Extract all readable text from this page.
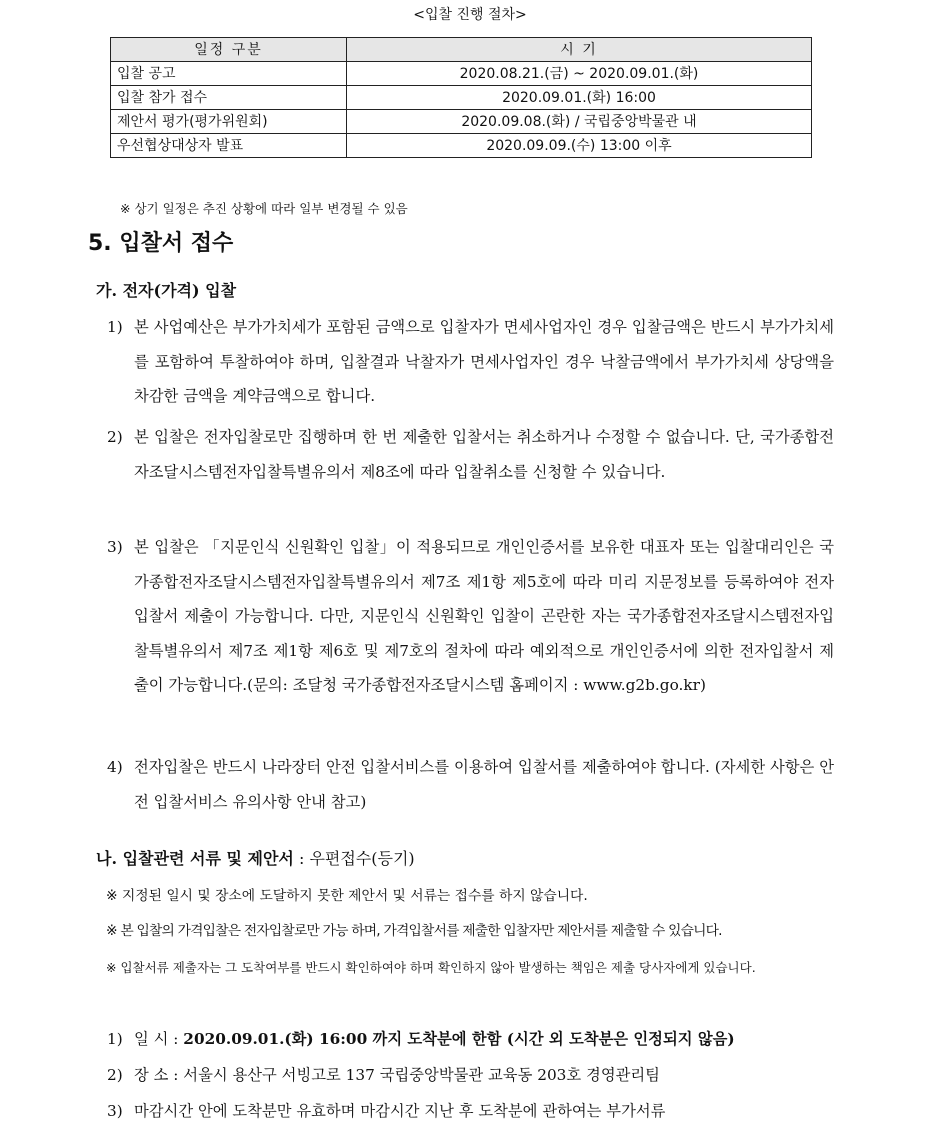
<입찰 진행 절차>
일정 구분	시 기
입찰 공고	2020.08.21.(금) ~ 2020.09.01.(화)
입찰 참가 접수	2020.09.01.(화) 16:00
제안서 평가(평가위원회)	2020.09.08.(화) / 국립중앙박물관 내
우선협상대상자 발표	2020.09.09.(수) 13:00 이후
※ 상기 일정은 추진 상황에 따라 일부 변경될 수 있음
5. 입찰서 접수
가. 전자(가격) 입찰
1) 본 사업예산은 부가가치세가 포함된 금액으로 입찰자가 면세사업자인 경우 입찰금액은 반드시 부가가치세를 포함하여 투찰하여야 하며, 입찰결과 낙찰자가 면세사업자인 경우 낙찰금액에서 부가가치세 상당액을 차감한 금액을 계약금액으로 합니다.
2) 본 입찰은 전자입찰로만 집행하며 한 번 제출한 입찰서는 취소하거나 수정할 수 없습니다. 단, 국가종합전자조달시스템전자입찰특별유의서 제8조에 따라 입찰취소를 신청할 수 있습니다.
3) 본 입찰은 「지문인식 신원확인 입찰」이 적용되므로 개인인증서를 보유한 대표자 또는 입찰대리인은 국가종합전자조달시스템전자입찰특별유의서 제7조 제1항 제5호에 따라 미리 지문정보를 등록하여야 전자입찰서 제출이 가능합니다. 다만, 지문인식 신원확인 입찰이 곤란한 자는 국가종합전자조달시스템전자입찰특별유의서 제7조 제1항 제6호 및 제7호의 절차에 따라 예외적으로 개인인증서에 의한 전자입찰서 제출이 가능합니다.(문의: 조달청 국가종합전자조달시스템 홈페이지 : www.g2b.go.kr)
4) 전자입찰은 반드시 나라장터 안전 입찰서비스를 이용하여 입찰서를 제출하여야 합니다. (자세한 사항은 안전 입찰서비스 유의사항 안내 참고)
나. 입찰관련 서류 및 제안서 : 우편접수(등기)
※ 지정된 일시 및 장소에 도달하지 못한 제안서 및 서류는 접수를 하지 않습니다.
※ 본 입찰의 가격입찰은 전자입찰로만 가능 하며, 가격입찰서를 제출한 입찰자만 제안서를 제출할 수 있습니다.
※ 입찰서류 제출자는 그 도착여부를 반드시 확인하여야 하며 확인하지 않아 발생하는 책임은 제출 당사자에게 있습니다.
1) 일 시 : 2020.09.01.(화) 16:00 까지 도착분에 한함 (시간 외 도착분은 인정되지 않음)
2) 장 소 : 서울시 용산구 서빙고로 137 국립중앙박물관 교육동 203호 경영관리팀
3) 마감시간 안에 도착분만 유효하며 마감시간 지난 후 도착분에 관하여는 부가서류
